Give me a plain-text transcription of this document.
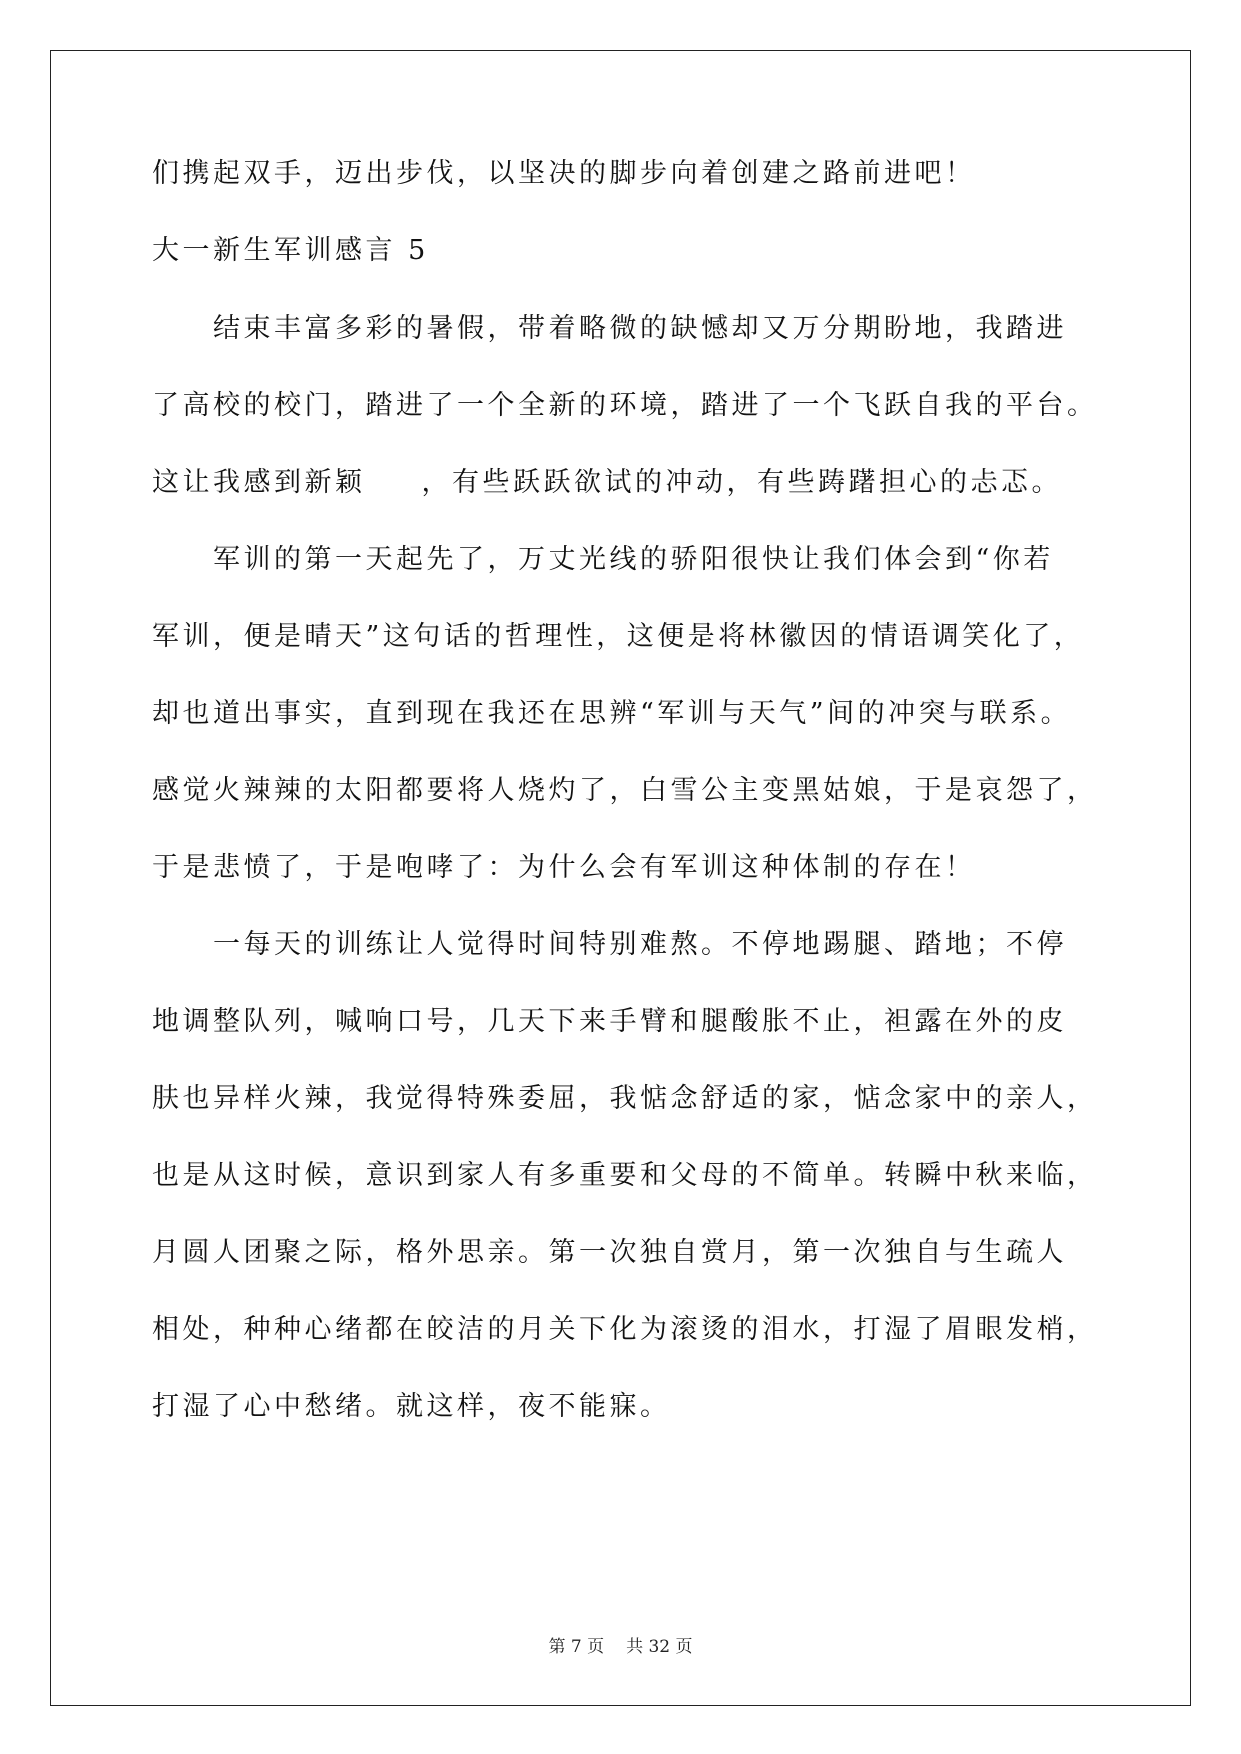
们携起双手，迈出步伐，以坚决的脚步向着创建之路前进吧！

大一新生军训感言 5

　　结束丰富多彩的暑假，带着略微的缺憾却又万分期盼地，我踏进

了高校的校门，踏进了一个全新的环境，踏进了一个飞跃自我的平台。

这让我感到新颖 ，有些跃跃欲试的冲动，有些踌躇担心的忐忑。

　　军训的第一天起先了，万丈光线的骄阳很快让我们体会到“你若

军训，便是晴天”这句话的哲理性，这便是将林徽因的情语调笑化了，

却也道出事实，直到现在我还在思辨“军训与天气”间的冲突与联系。

感觉火辣辣的太阳都要将人烧灼了，白雪公主变黑姑娘，于是哀怨了，

于是悲愤了，于是咆哮了：为什么会有军训这种体制的存在！

　　一每天的训练让人觉得时间特别难熬。不停地踢腿、踏地；不停

地调整队列，喊响口号，几天下来手臂和腿酸胀不止，袒露在外的皮

肤也异样火辣，我觉得特殊委屈，我惦念舒适的家，惦念家中的亲人，

也是从这时候，意识到家人有多重要和父母的不简单。转瞬中秋来临，

月圆人团聚之际，格外思亲。第一次独自赏月，第一次独自与生疏人

相处，种种心绪都在皎洁的月关下化为滚烫的泪水，打湿了眉眼发梢，

打湿了心中愁绪。就这样，夜不能寐。

第 7 页 共 32 页
